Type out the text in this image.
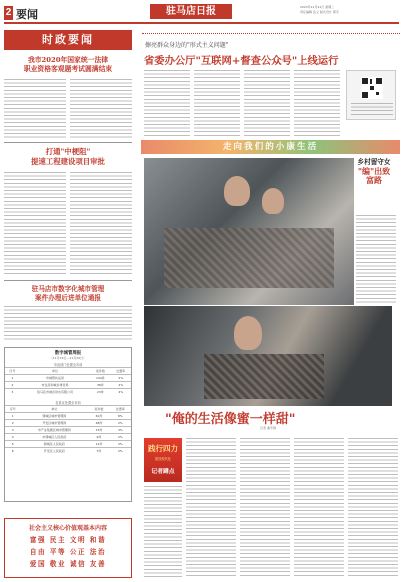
2 要闻	驻马店日报	2023年11月21日 星期二
责任编辑 张义 版式设计 郭宇
时政要闻
我市2020年国家统一法律
职业资格客观题考试圆满结束
打通"中梗阻"
提速工程建设项目审批
驻马店市数字化城市管理
案件办理后进单位通报
数字城管周报
（11月16日—11月20日）
市直部门处置全市前
序号	单位	案件数	处置率
1	市城管执法局	194件	2%
2	市住房和城乡建设局	36件	2%
3	驻马店市城乡供水有限公司	23件	4%
各县区处置全市前
序号	单位	案件数	处置率
1	驿城区城市管理局	61件	8%
2	开发区城市管理局	48件	2%
3	市产业集聚区城市管理局	13件	3%
4	市驿城区人民政府	9件	2%
5	驿城区人民政府	11件	2%
6	开发区人民政府	7件	2%
社会主义核心价值观基本内容
富强 民主 文明 和谐
自由 平等 公正 法治
爱国 敬业 诚信 友善
擦亮群众身边的"形式主义问题"
省委办公厅"互联网+督查公众号"上线运行
走向我们的小康生活
乡村留守女
"编"出致富路
"俺的生活像蜜一样甜"
记者 谢芳锦
践行四力
建设现代化
记者蹲点
